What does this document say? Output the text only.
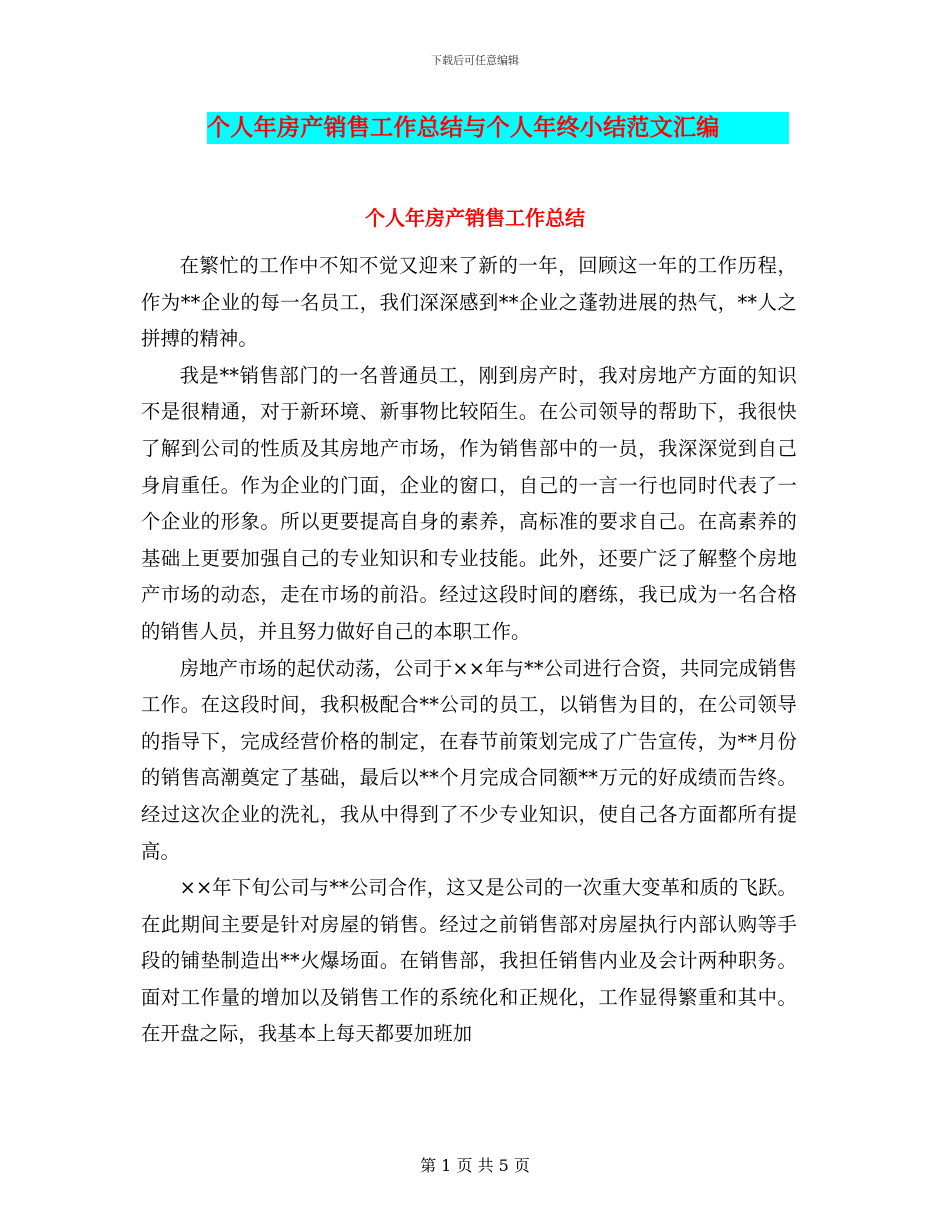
下载后可任意编辑
个人年房产销售工作总结与个人年终小结范文汇编
个人年房产销售工作总结

在繁忙的工作中不知不觉又迎来了新的一年，回顾这一年的工作历程，作为**企业的每一名员工，我们深深感到**企业之蓬勃进展的热气，**人之拼搏的精神。

我是**销售部门的一名普通员工，刚到房产时，我对房地产方面的知识不是很精通，对于新环境、新事物比较陌生。在公司领导的帮助下，我很快了解到公司的性质及其房地产市场，作为销售部中的一员，我深深觉到自己身肩重任。作为企业的门面，企业的窗口，自己的一言一行也同时代表了一个企业的形象。所以更要提高自身的素养，高标准的要求自己。在高素养的基础上更要加强自己的专业知识和专业技能。此外，还要广泛了解整个房地产市场的动态，走在市场的前沿。经过这段时间的磨练，我已成为一名合格的销售人员，并且努力做好自己的本职工作。

房地产市场的起伏动荡，公司于××年与**公司进行合资，共同完成销售工作。在这段时间，我积极配合**公司的员工，以销售为目的，在公司领导的指导下，完成经营价格的制定，在春节前策划完成了广告宣传，为**月份的销售高潮奠定了基础，最后以**个月完成合同额**万元的好成绩而告终。经过这次企业的洗礼，我从中得到了不少专业知识，使自己各方面都所有提高。

××年下旬公司与**公司合作，这又是公司的一次重大变革和质的飞跃。在此期间主要是针对房屋的销售。经过之前销售部对房屋执行内部认购等手段的铺垫制造出**火爆场面。在销售部，我担任销售内业及会计两种职务。面对工作量的增加以及销售工作的系统化和正规化，工作显得繁重和其中。在开盘之际，我基本上每天都要加班加

第 1 页 共 5 页
